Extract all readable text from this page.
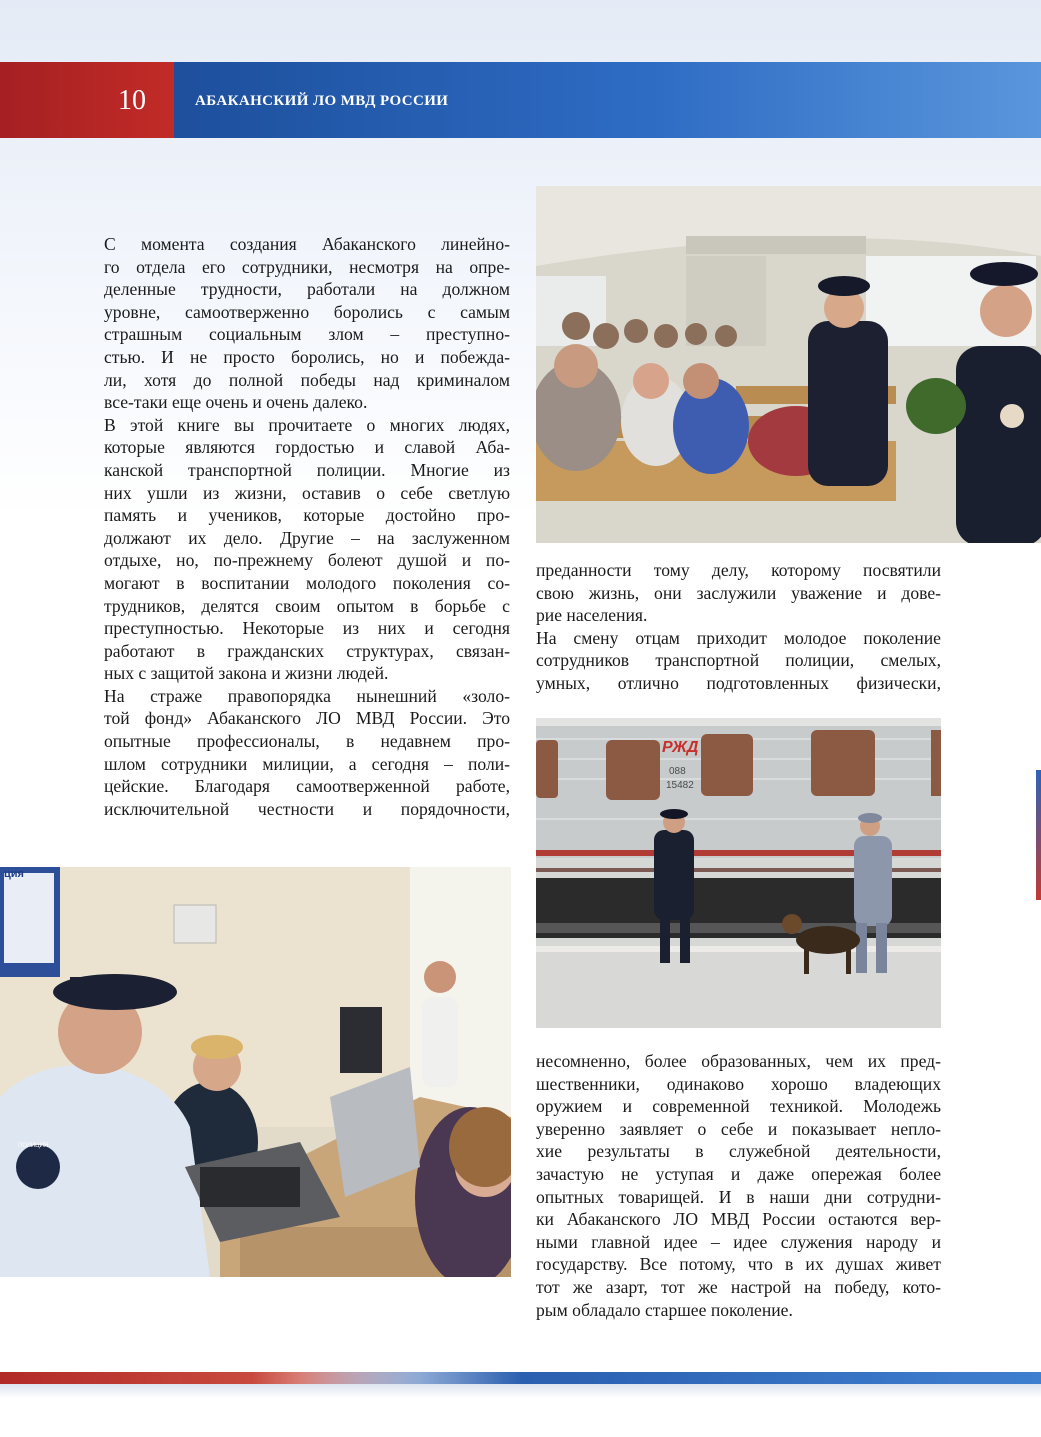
10	АБАКАНСКИЙ ЛО МВД РОССИИ
РЖД
088
15482
ция
ПОЛИЦИЯ

С момента создания Абаканского линейно-
го отдела его сотрудники, несмотря на опре-
деленные трудности, работали на должном
уровне, самоотверженно боролись с самым
страшным социальным злом – преступно-
стью. И не просто боролись, но и побежда-
ли, хотя до полной победы над криминалом
все-таки еще очень и очень далеко.
В этой книге вы прочитаете о многих людях,
которые являются гордостью и славой Аба-
канской транспортной полиции. Многие из
них ушли из жизни, оставив о себе светлую
память и учеников, которые достойно про-
должают их дело. Другие – на заслуженном
отдыхе, но, по-прежнему болеют душой и по-
могают в воспитании молодого поколения со-
трудников, делятся своим опытом в борьбе с
преступностью. Некоторые из них и сегодня
работают в гражданских структурах, связан-
ных с защитой закона и жизни людей.
На страже правопорядка нынешний «золо-
той фонд» Абаканского ЛО МВД России. Это
опытные профессионалы, в недавнем про-
шлом сотрудники милиции, а сегодня – поли-
цейские. Благодаря самоотверженной работе,
исключительной честности и порядочности,

преданности тому делу, которому посвятили
свою жизнь, они заслужили уважение и дове-
рие населения.
На смену отцам приходит молодое поколение
сотрудников транспортной полиции, смелых,
умных, отлично подготовленных физически,

несомненно, более образованных, чем их пред-
шественники, одинаково хорошо владеющих
оружием и современной техникой. Молодежь
уверенно заявляет о себе и показывает непло-
хие результаты в служебной деятельности,
зачастую не уступая и даже опережая более
опытных товарищей. И в наши дни сотрудни-
ки Абаканского ЛО МВД России остаются вер-
ными главной идее – идее служения народу и
государству. Все потому, что в их душах живет
тот же азарт, тот же настрой на победу, кото-
рым обладало старшее поколение.
